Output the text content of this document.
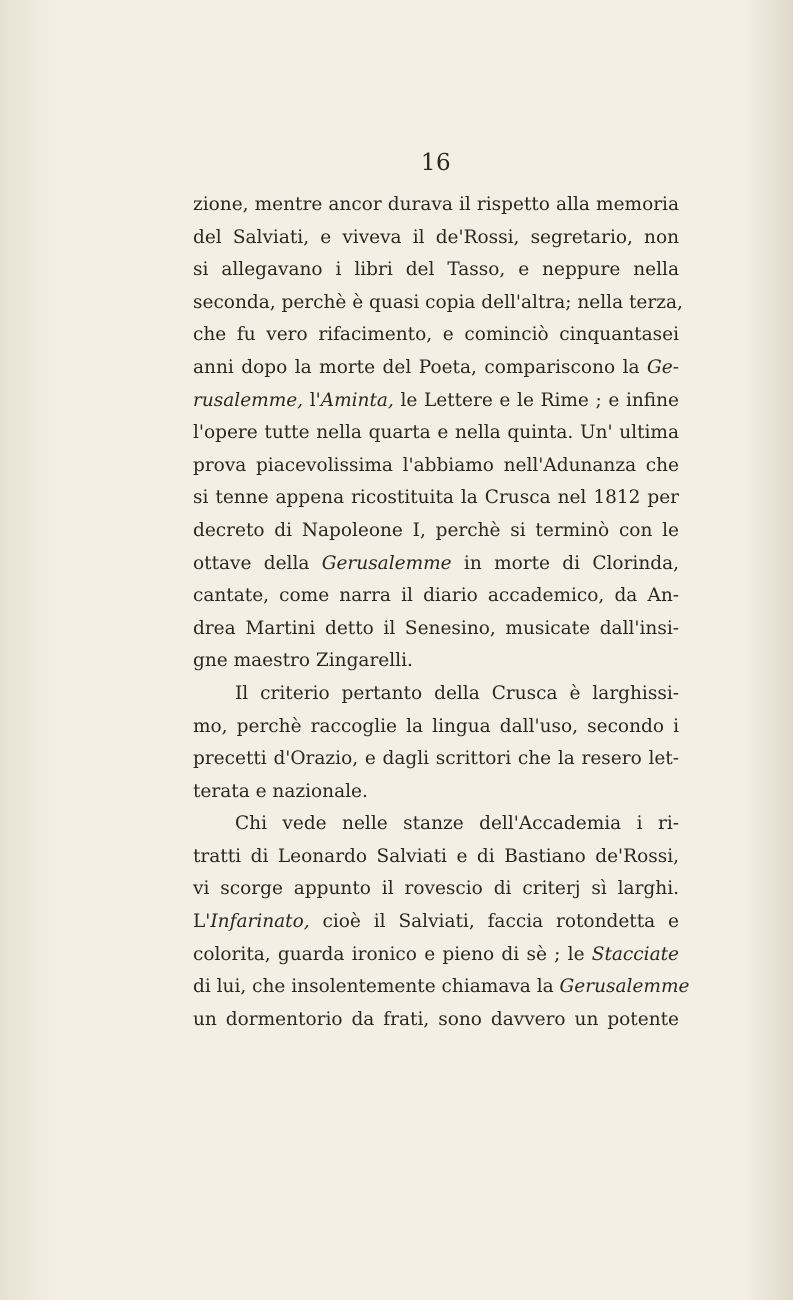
16
zione, mentre ancor durava il rispetto alla memoria
del Salviati, e viveva il de'Rossi, segretario, non
si allegavano i libri del Tasso, e neppure nella
seconda, perchè è quasi copia dell'altra; nella terza,
che fu vero rifacimento, e cominciò cinquantasei
anni dopo la morte del Poeta, compariscono la Ge-
rusalemme, l'Aminta, le Lettere e le Rime ; e infine
l'opere tutte nella quarta e nella quinta. Un' ultima
prova piacevolissima l'abbiamo nell'Adunanza che
si tenne appena ricostituita la Crusca nel 1812 per
decreto di Napoleone I, perchè si terminò con le
ottave della Gerusalemme in morte di Clorinda,
cantate, come narra il diario accademico, da An-
drea Martini detto il Senesino, musicate dall'insi-
gne maestro Zingarelli.
Il criterio pertanto della Crusca è larghissi-
mo, perchè raccoglie la lingua dall'uso, secondo i
precetti d'Orazio, e dagli scrittori che la resero let-
terata e nazionale.
Chi vede nelle stanze dell'Accademia i ri-
tratti di Leonardo Salviati e di Bastiano de'Rossi,
vi scorge appunto il rovescio di criterj sì larghi.
L'Infarinato, cioè il Salviati, faccia rotondetta e
colorita, guarda ironico e pieno di sè ; le Stacciate
di lui, che insolentemente chiamava la Gerusalemme
un dormentorio da frati, sono davvero un potente
